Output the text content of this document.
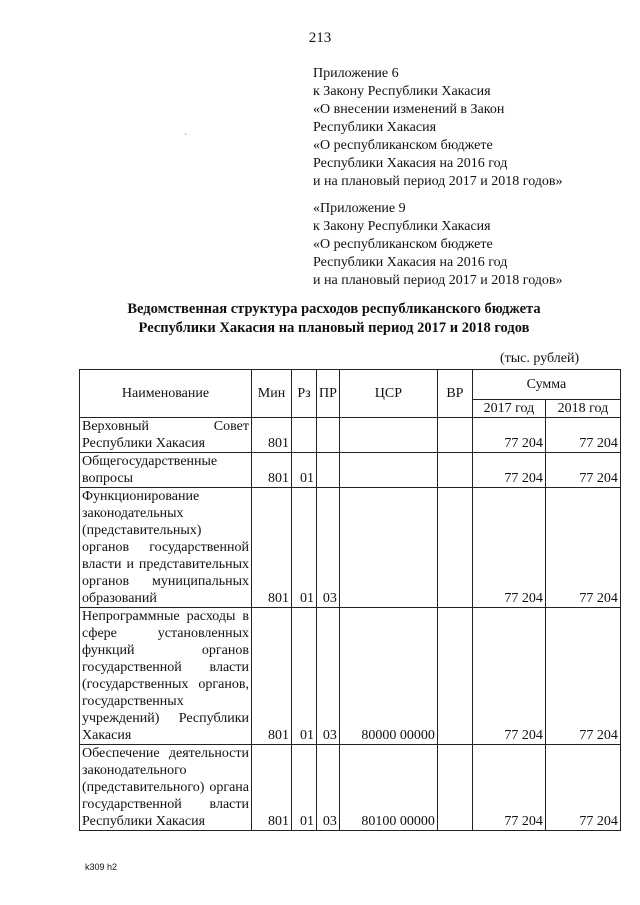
213
`
Приложение 6
к Закону Республики Хакасия
«О внесении изменений в Закон
Республики Хакасия
«О республиканском бюджете
Республики Хакасия на 2016 год
и на плановый период 2017 и 2018 годов»
«Приложение 9
к Закону Республики Хакасия
«О республиканском бюджете
Республики Хакасия на 2016 год
и на плановый период 2017 и 2018 годов»
Ведомственная структура расходов республиканского бюджета
Республики Хакасия на плановый период 2017 и 2018 годов
(тыс. рублей)
Наименование	Мин	Рз	ПР	ЦСР	ВР	Сумма	
						2017 год	2018 год
Верховный Совет Республики Хакасия	801					77 204	77 204
Общегосударственные вопросы	801	01				77 204	77 204
Функционирование законодательных (представительных) органов государственной власти и представительных органов муниципальных образований	801	01	03			77 204	77 204
Непрограммные расходы в сфере установленных функций органов государственной власти (государственных органов, государственных учреждений) Республики Хакасия	801	01	03	80000 00000		77 204	77 204
Обеспечение деятельности законодательного (представительного) органа государственной власти Республики Хакасия	801	01	03	80100 00000		77 204	77 204
k309 h2
